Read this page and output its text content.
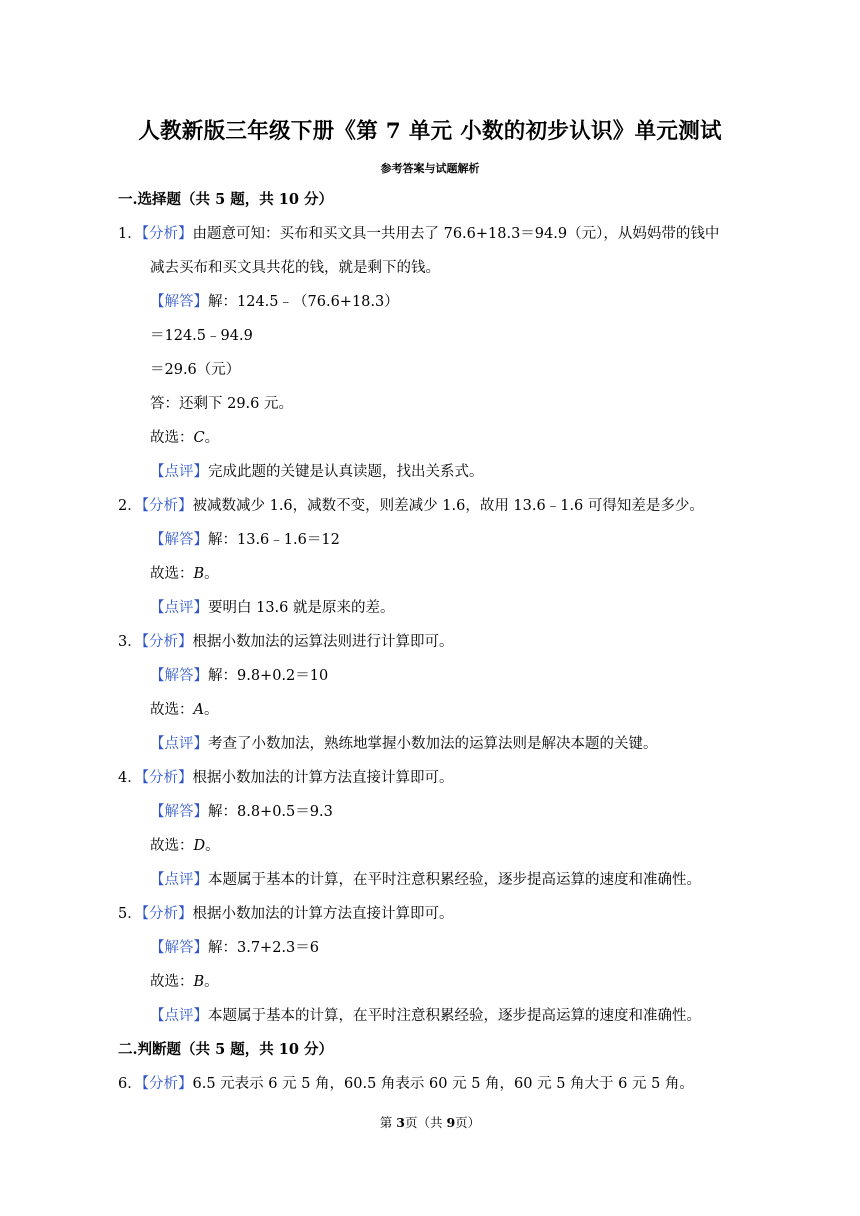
人教新版三年级下册《第 7 单元 小数的初步认识》单元测试
参考答案与试题解析
一.选择题（共 5 题，共 10 分）
1．【分析】由题意可知：买布和买文具一共用去了 76.6+18.3＝94.9（元），从妈妈带的钱中
减去买布和买文具共花的钱，就是剩下的钱。
【解答】解：124.5﹣（76.6+18.3）
＝124.5﹣94.9
＝29.6（元）
答：还剩下 29.6 元。
故选：C。
【点评】完成此题的关键是认真读题，找出关系式。
2．【分析】被减数减少 1.6，减数不变，则差减少 1.6，故用 13.6﹣1.6 可得知差是多少。
【解答】解：13.6﹣1.6＝12
故选：B。
【点评】要明白 13.6 就是原来的差。
3．【分析】根据小数加法的运算法则进行计算即可。
【解答】解：9.8+0.2＝10
故选：A。
【点评】考查了小数加法，熟练地掌握小数加法的运算法则是解决本题的关键。
4．【分析】根据小数加法的计算方法直接计算即可。
【解答】解：8.8+0.5＝9.3
故选：D。
【点评】本题属于基本的计算，在平时注意积累经验，逐步提高运算的速度和准确性。
5．【分析】根据小数加法的计算方法直接计算即可。
【解答】解：3.7+2.3＝6
故选：B。
【点评】本题属于基本的计算，在平时注意积累经验，逐步提高运算的速度和准确性。
二.判断题（共 5 题，共 10 分）
6．【分析】6.5 元表示 6 元 5 角，60.5 角表示 60 元 5 角，60 元 5 角大于 6 元 5 角。
第 3页（共 9页）
